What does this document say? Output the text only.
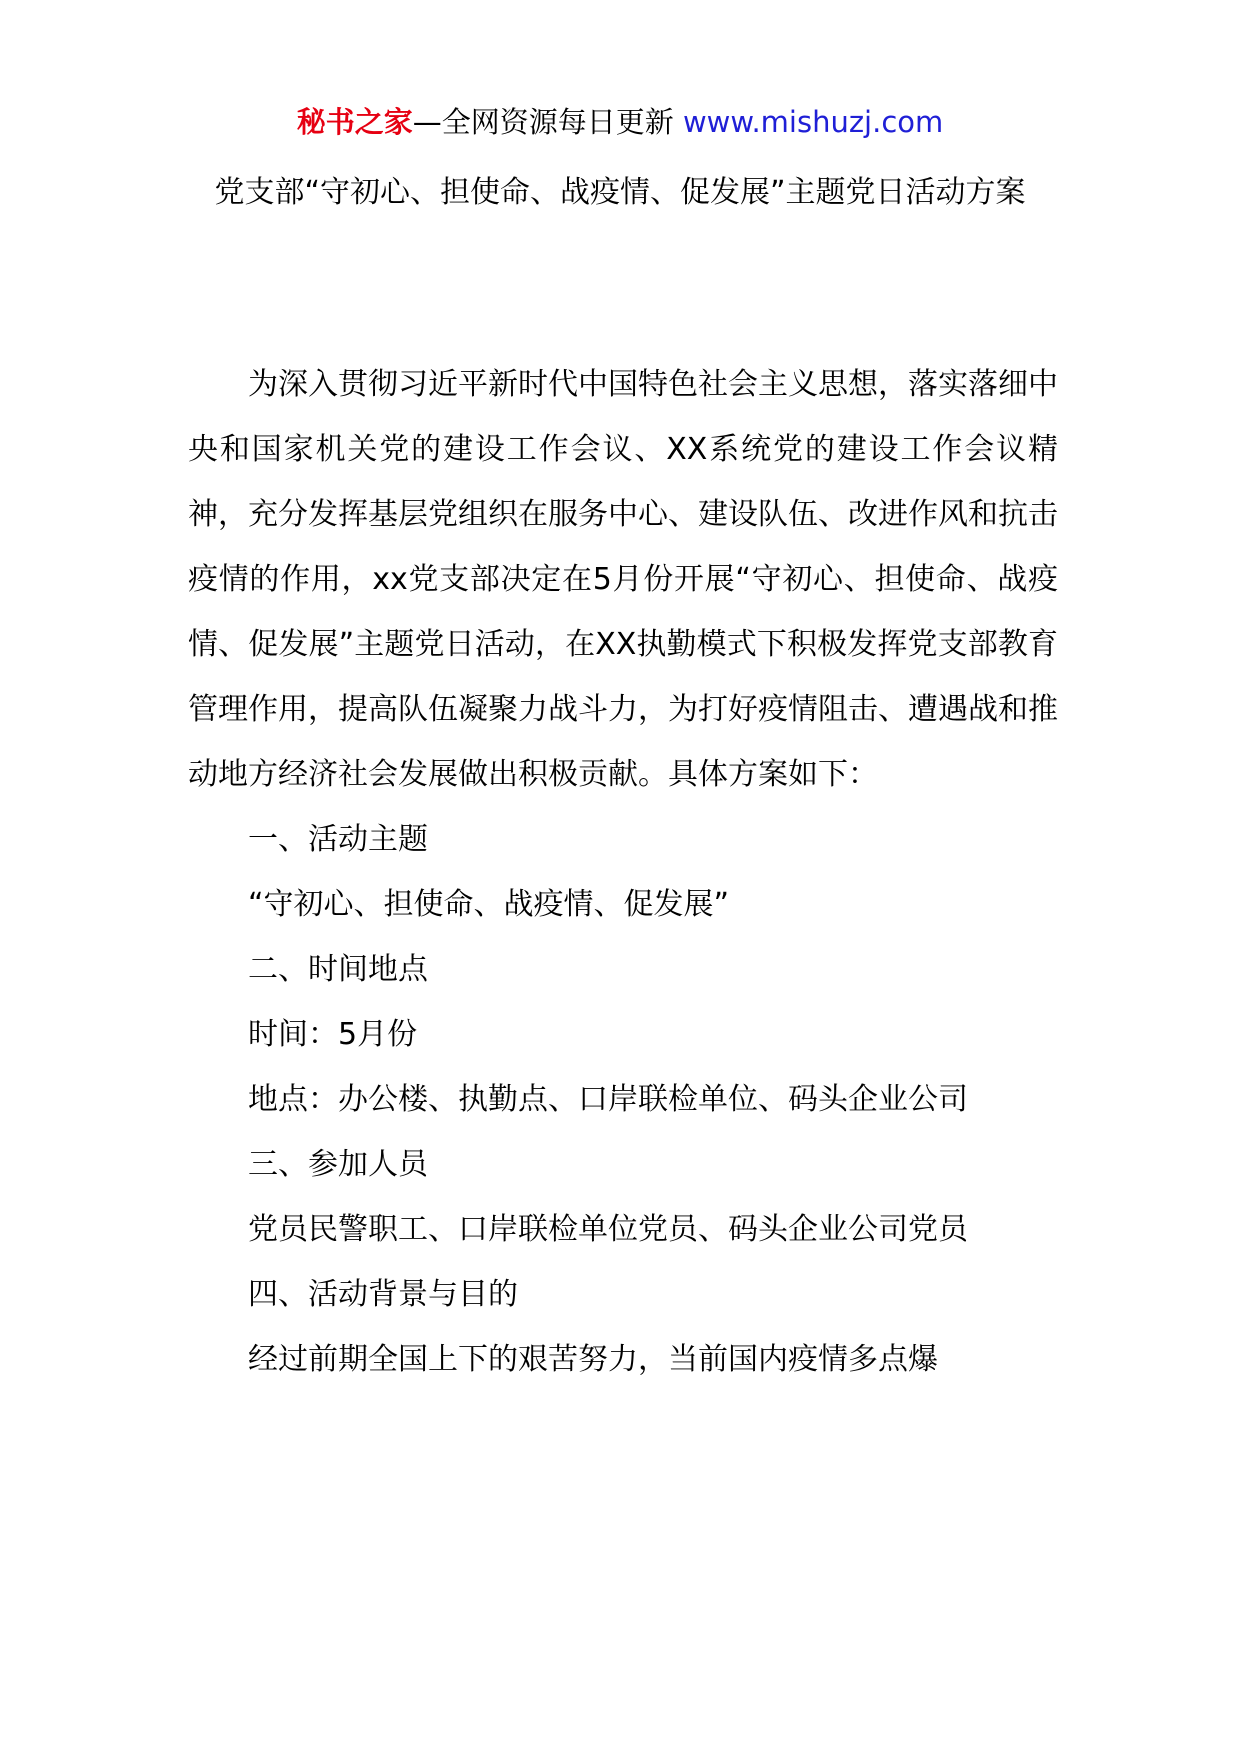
秘书之家—全网资源每日更新 www.mishuzj.com
党支部“守初心、担使命、战疫情、促发展”主题党日活动方案

为深入贯彻习近平新时代中国特色社会主义思想，落实落细中央和国家机关党的建设工作会议、XX系统党的建设工作会议精神，充分发挥基层党组织在服务中心、建设队伍、改进作风和抗击疫情的作用，xx党支部决定在5月份开展“守初心、担使命、战疫情、促发展”主题党日活动，在XX执勤模式下积极发挥党支部教育管理作用，提高队伍凝聚力战斗力，为打好疫情阻击、遭遇战和推动地方经济社会发展做出积极贡献。具体方案如下：

一、活动主题

“守初心、担使命、战疫情、促发展”

二、时间地点

时间：5月份

地点：办公楼、执勤点、口岸联检单位、码头企业公司

三、参加人员

党员民警职工、口岸联检单位党员、码头企业公司党员

四、活动背景与目的

经过前期全国上下的艰苦努力，当前国内疫情多点爆
